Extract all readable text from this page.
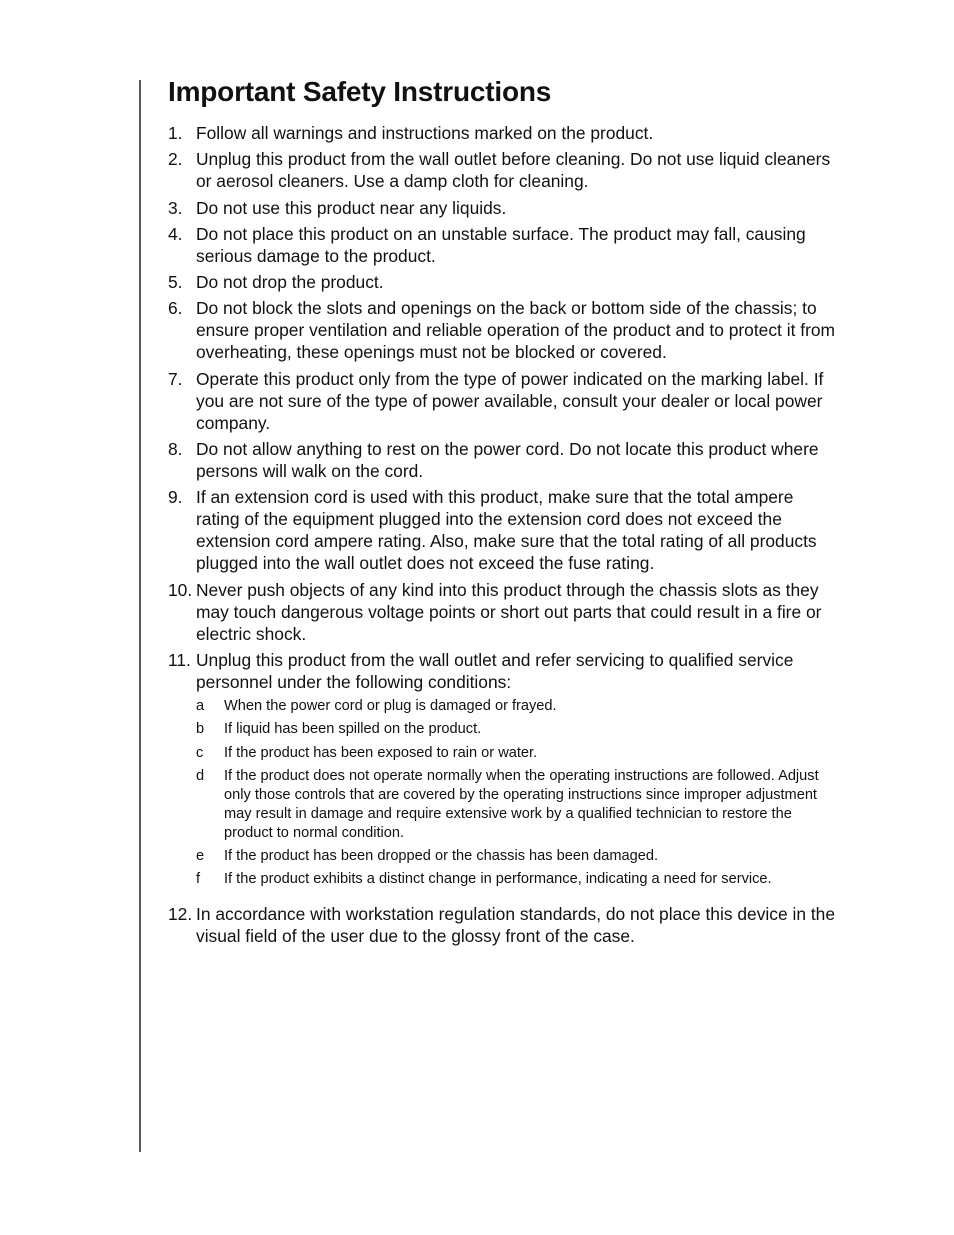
Important Safety Instructions
1. Follow all warnings and instructions marked on the product.
2. Unplug this product from the wall outlet before cleaning. Do not use liquid cleaners or aerosol cleaners. Use a damp cloth for cleaning.
3. Do not use this product near any liquids.
4. Do not place this product on an unstable surface. The product may fall, causing serious damage to the product.
5. Do not drop the product.
6. Do not block the slots and openings on the back or bottom side of the chassis; to ensure proper ventilation and reliable operation of the product and to protect it from overheating, these openings must not be blocked or covered.
7. Operate this product only from the type of power indicated on the marking label. If you are not sure of the type of power available, consult your dealer or local power company.
8. Do not allow anything to rest on the power cord. Do not locate this product where persons will walk on the cord.
9. If an extension cord is used with this product, make sure that the total ampere rating of the equipment plugged into the extension cord does not exceed the extension cord ampere rating. Also, make sure that the total rating of all products plugged into the wall outlet does not exceed the fuse rating.
10. Never push objects of any kind into this product through the chassis slots as they may touch dangerous voltage points or short out parts that could result in a fire or electric shock.
11. Unplug this product from the wall outlet and refer servicing to qualified service personnel under the following conditions:
a When the power cord or plug is damaged or frayed.
b If liquid has been spilled on the product.
c If the product has been exposed to rain or water.
d If the product does not operate normally when the operating instructions are followed. Adjust only those controls that are covered by the operating instructions since improper adjustment may result in damage and require extensive work by a qualified technician to restore the product to normal condition.
e If the product has been dropped or the chassis has been damaged.
f If the product exhibits a distinct change in performance, indicating a need for service.
12. In accordance with workstation regulation standards, do not place this device in the visual field of the user due to the glossy front of the case.
